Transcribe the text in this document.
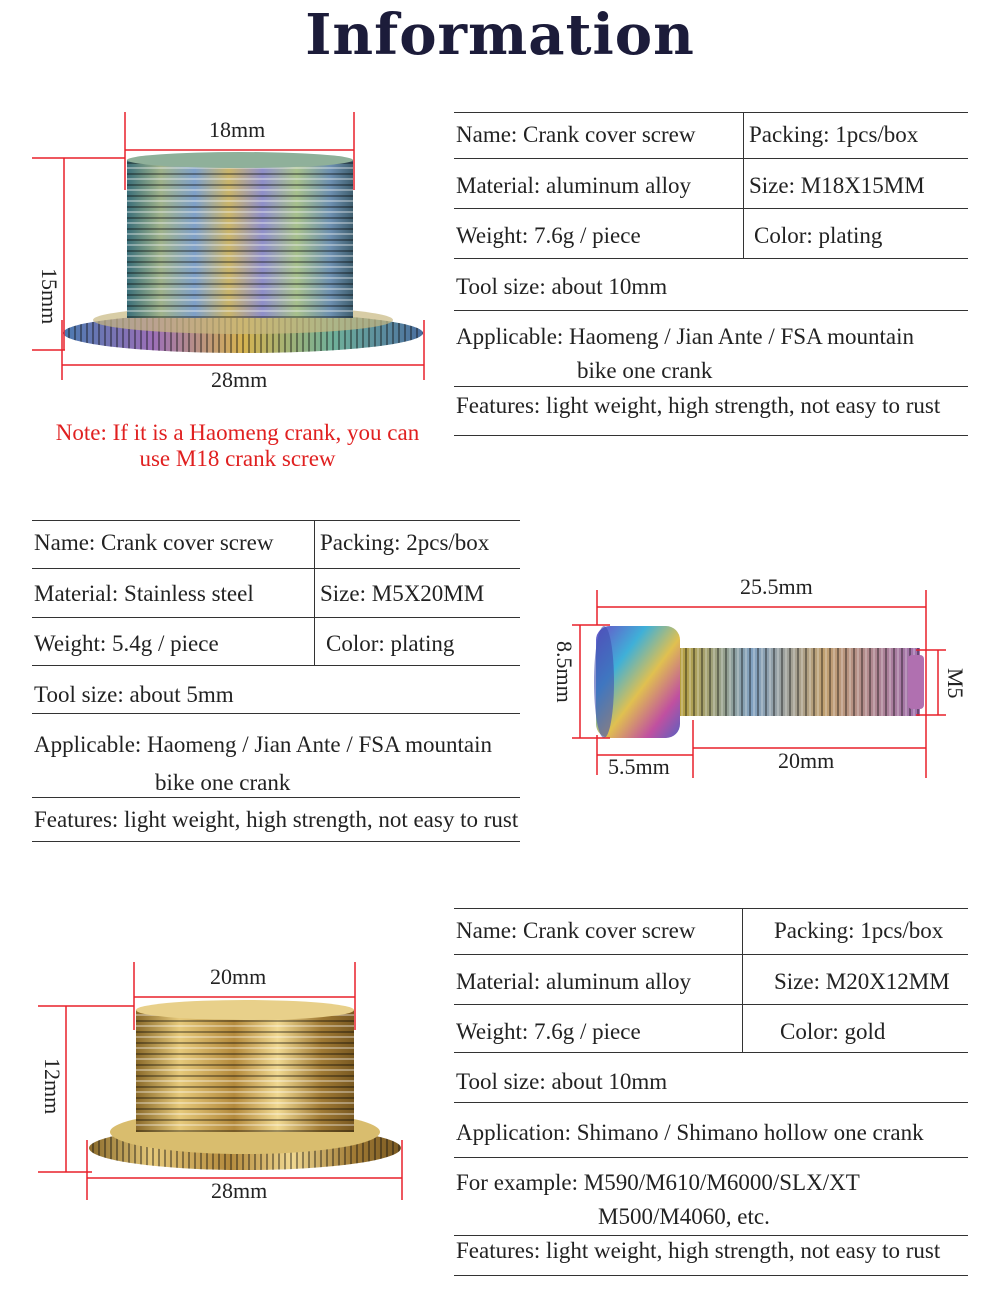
Information
18mm
15mm
28mm
Note: If it is a Haomeng crank, you can
use M18 crank screw
25.5mm
8.5mm	M5
5.5mm	20mm
20mm
12mm
28mm
Name: Crank cover screw Packing: 1pcs/box
Material: aluminum alloy	Size: M18X15MM
Weight: 7.6g / piece	Color: plating
Tool size: about 10mm
Applicable: Haomeng / Jian Ante / FSA mountain
bike one crank
Features: light weight, high strength, not easy to rust
Name: Crank cover screw Packing: 2pcs/box
Material: Stainless steel	Size: M5X20MM
Weight: 5.4g / piece	Color: plating
Tool size: about 5mm
Applicable: Haomeng / Jian Ante / FSA mountain
bike one crank
Features: light weight, high strength, not easy to rust
Name: Crank cover screw	Packing: 1pcs/box
Material: aluminum alloy	Size: M20X12MM
Weight: 7.6g / piece	Color: gold
Tool size: about 10mm
Application: Shimano / Shimano hollow one crank
For example: M590/M610/M6000/SLX/XT
M500/M4060, etc.
Features: light weight, high strength, not easy to rust
